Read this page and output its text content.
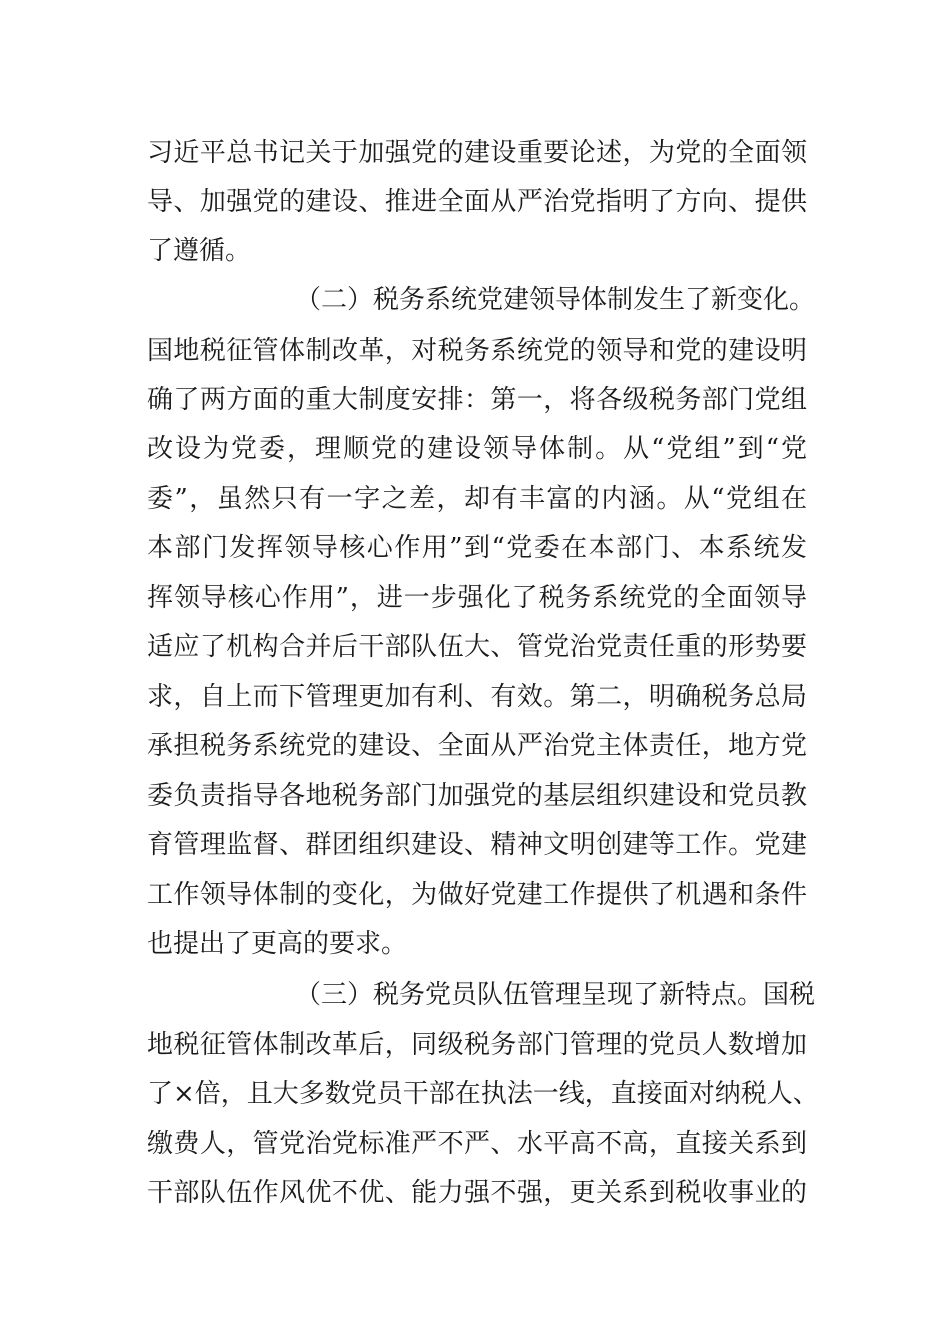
习近平总书记关于加强党的建设重要论述，为党的全面领
导、加强党的建设、推进全面从严治党指明了方向、提供
了遵循。
（二）税务系统党建领导体制发生了新变化。
国地税征管体制改革，对税务系统党的领导和党的建设明
确了两方面的重大制度安排：第一，将各级税务部门党组
改设为党委，理顺党的建设领导体制。从“党组”到“党
委”，虽然只有一字之差，却有丰富的内涵。从“党组在
本部门发挥领导核心作用”到“党委在本部门、本系统发
挥领导核心作用”，进一步强化了税务系统党的全面领导
适应了机构合并后干部队伍大、管党治党责任重的形势要
求，自上而下管理更加有利、有效。第二，明确税务总局
承担税务系统党的建设、全面从严治党主体责任，地方党
委负责指导各地税务部门加强党的基层组织建设和党员教
育管理监督、群团组织建设、精神文明创建等工作。党建
工作领导体制的变化，为做好党建工作提供了机遇和条件
也提出了更高的要求。
（三）税务党员队伍管理呈现了新特点。国税
地税征管体制改革后，同级税务部门管理的党员人数增加
了×倍，且大多数党员干部在执法一线，直接面对纳税人、
缴费人，管党治党标准严不严、水平高不高，直接关系到
干部队伍作风优不优、能力强不强，更关系到税收事业的
